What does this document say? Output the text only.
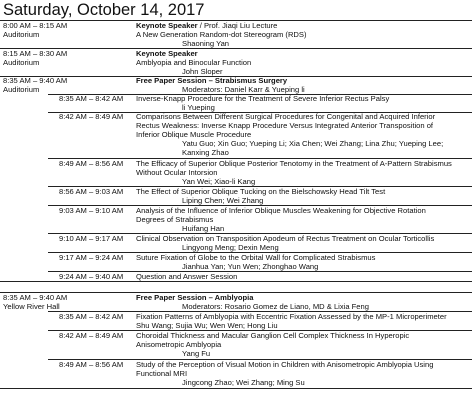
Saturday, October 14, 2017
8:00 AM – 8:15 AM
Auditorium
Keynote Speaker / Prof. Jiaqi Liu Lecture
A New Generation Random-dot Stereogram (RDS)
Shaoning Yan
8:15 AM – 8:30 AM
Auditorium
Keynote Speaker
Amblyopia and Binocular Function
John Sloper
8:35 AM – 9:40 AM
Auditorium
Free Paper Session – Strabismus Surgery
Moderators: Daniel Karr & Yueping li
8:35 AM – 8:42 AM Inverse-Knapp Procedure for the Treatment of Severe Inferior Rectus Palsy
li Yueping
8:42 AM – 8:49 AM Comparisons Between Different Surgical Procedures for Congenital and Acquired Inferior
Rectus Weakness: Inverse Knapp Procedure Versus Integrated Anterior Transposition of
Inferior Oblique Muscle Procedure
Yatu Guo; Xin Guo; Yueping Li; Xia Chen; Wei Zhang; Lina Zhu; Yueping Lee;
Kanxing Zhao
8:49 AM – 8:56 AM The Efficacy of Superior Oblique Posterior Tenotomy in the Treatment of A-Pattern Strabismus
Without Ocular Intorsion
Yan Wei; Xiao-li Kang
8:56 AM – 9:03 AM The Effect of Superior Oblique Tucking on the Bielschowsky Head Tilt Test
Liping Chen; Wei Zhang
9:03 AM – 9:10 AM Analysis of the Influence of Inferior Oblique Muscles Weakening for Objective Rotation
Degrees of Strabismus
Huifang Han
9:10 AM – 9:17 AM Clinical Observation on Transposition Apodeum of Rectus Treatment on Ocular Torticollis
Lingyong Meng; Dexin Meng
9:17 AM – 9:24 AM Suture Fixation of Globe to the Orbital Wall for Complicated Strabismus
Jianhua Yan; Yun Wen; Zhonghao Wang
9:24 AM – 9:40 AM Question and Answer Session
8:35 AM – 9:40 AM
Yellow River Hall
Free Paper Session – Amblyopia
Moderators: Rosario Gomez de Liano, MD & Lixia Feng
8:35 AM – 8:42 AM Fixation Patterns of Amblyopia with Eccentric Fixation Assessed by the MP-1 Microperimeter
Shu Wang; Sujia Wu; Wen Wen; Hong Liu
8:42 AM – 8:49 AM Choroidal Thickness and Macular Ganglion Cell Complex Thickness In Hyperopic
Anisometropic Amblyopia
Yang Fu
8:49 AM – 8:56 AM Study of the Perception of Visual Motion in Children with Anisometropic Amblyopia Using
Functional MRI
Jingcong Zhao; Wei Zhang; Ming Su
